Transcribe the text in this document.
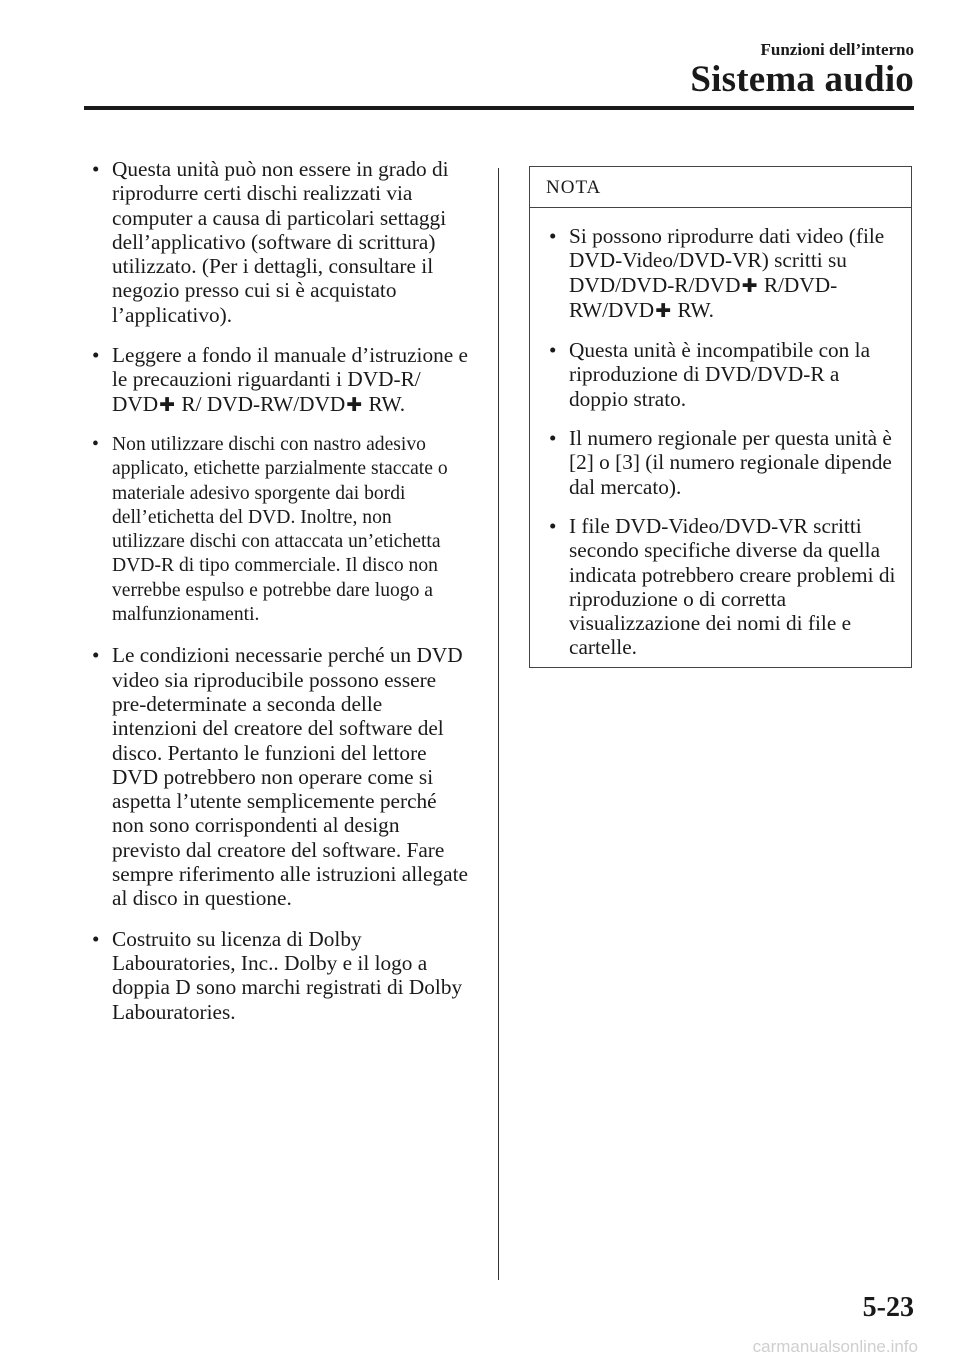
Funzioni dell’interno
Sistema audio
• Questa unità può non essere in grado di riprodurre certi dischi realizzati via computer a causa di particolari settaggi dell’applicativo (software di scrittura) utilizzato. (Per i dettagli, consultare il negozio presso cui si è acquistato l’applicativo).
• Leggere a fondo il manuale d’istruzione e le precauzioni riguardanti i DVD-R/ DVD✚ R/ DVD-RW/DVD✚ RW.
• Non utilizzare dischi con nastro adesivo applicato, etichette parzialmente staccate o materiale adesivo sporgente dai bordi dell’etichetta del DVD. Inoltre, non utilizzare dischi con attaccata un’etichetta DVD-R di tipo commerciale. Il disco non verrebbe espulso e potrebbe dare luogo a malfunzionamenti.
• Le condizioni necessarie perché un DVD video sia riproducibile possono essere pre-determinate a seconda delle intenzioni del creatore del software del disco. Pertanto le funzioni del lettore DVD potrebbero non operare come si aspetta l’utente semplicemente perché non sono corrispondenti al design previsto dal creatore del software. Fare sempre riferimento alle istruzioni allegate al disco in questione.
• Costruito su licenza di Dolby Labouratories, Inc.. Dolby e il logo a doppia D sono marchi registrati di Dolby Labouratories.
NOTA
• Si possono riprodurre dati video (file DVD-Video/DVD-VR) scritti su DVD/DVD-R/DVD✚ R/DVD-RW/DVD✚ RW.
• Questa unità è incompatibile con la riproduzione di DVD/DVD-R a doppio strato.
• Il numero regionale per questa unità è [2] o [3] (il numero regionale dipende dal mercato).
• I file DVD-Video/DVD-VR scritti secondo specifiche diverse da quella indicata potrebbero creare problemi di riproduzione o di corretta visualizzazione dei nomi di file e cartelle.
5-23
carmanualsonline.info
